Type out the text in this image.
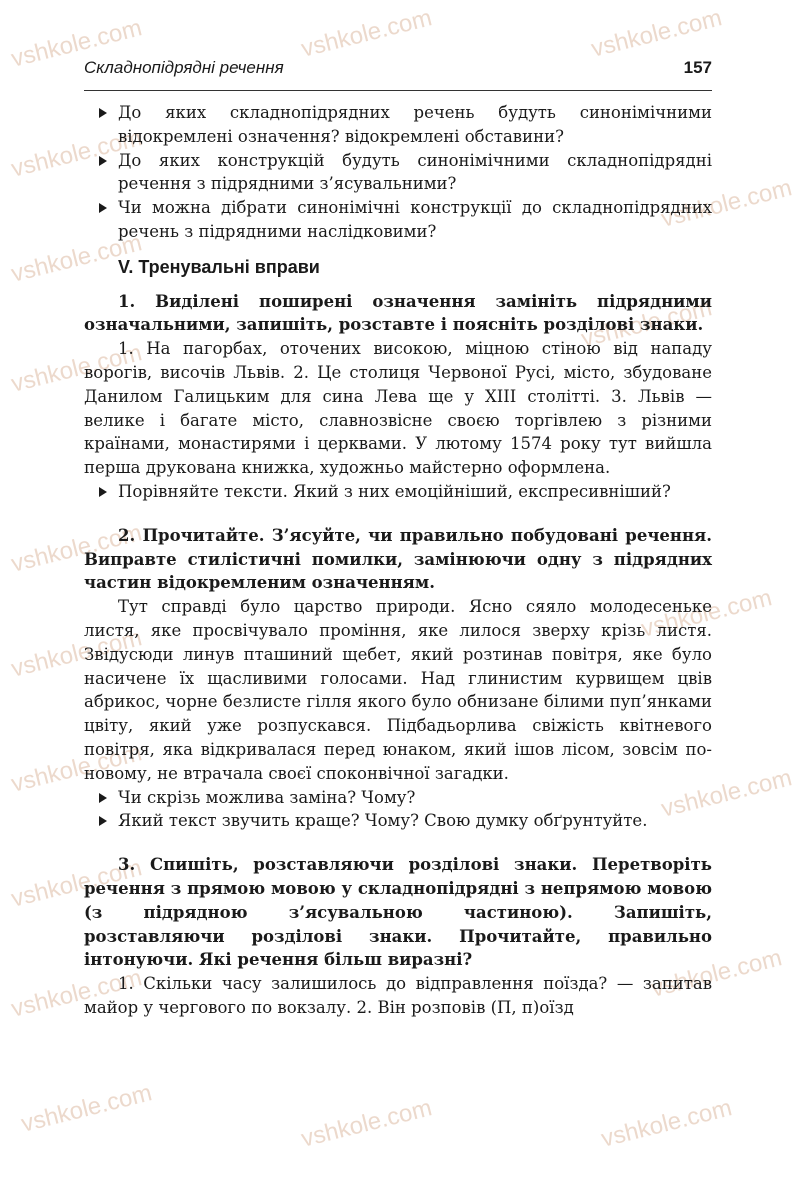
vshkole.com	vshkole.com	vshkole.com
vshkole.com
vshkole.com
vshkole.com
vshkole.com
vshkole.com
vshkole.com
vshkole.com
vshkole.com
vshkole.com	vshkole.com
vshkole.com
vshkole.com	vshkole.com
vshkole.com	vshkole.com	vshkole.com
Складнопідрядні речення	157

До яких складнопідрядних речень будуть синонімічними відокремлені означення? відокремлені обставини?

До яких конструкцій будуть синонімічними складнопідрядні речення з підрядними з’ясувальними?

Чи можна дібрати синонімічні конструкції до складнопідрядних речень з підрядними наслідковими?

V. Тренувальні вправи

1. Виділені поширені означення замініть підрядними означальними, запишіть, розставте і поясніть розділові знаки.

1. На пагорбах, оточених високою, міцною стіною від нападу ворогів, височів Львів. 2. Це столиця Червоної Русі, місто, збудоване Данилом Галицьким для сина Лева ще у XIII столітті. 3. Львів — велике і багате місто, славнозвісне своєю торгівлею з різними країнами, монастирями і церквами. У лютому 1574 року тут вийшла перша друкована книжка, художньо майстерно оформлена.

Порівняйте тексти. Який з них емоційніший, експресивніший?

2. Прочитайте. З’ясуйте, чи правильно побудовані речення. Виправте стилістичні помилки, замінюючи одну з підрядних частин відокремленим означенням.

Тут справді було царство природи. Ясно сяяло молодесеньке листя, яке просвічувало проміння, яке лилося зверху крізь листя. Звідусюди линув пташиний щебет, який розтинав повітря, яке було насичене їх щасливими голосами. Над глинистим курвищем цвів абрикос, чорне безлисте гілля якого було обнизане білими пуп’янками цвіту, який уже розпускався. Підбадьорлива свіжість квітневого повітря, яка відкривалася перед юнаком, який ішов лісом, зовсім по-новому, не втрачала своєї споконвічної загадки.

Чи скрізь можлива заміна? Чому?

Який текст звучить краще? Чому? Свою думку обґрунтуйте.

3. Спишіть, розставляючи розділові знаки. Перетворіть речення з прямою мовою у складнопідрядні з непрямою мовою (з підрядною з’ясувальною частиною). Запишіть, розставляючи розділові знаки. Прочитайте, правильно інтонуючи. Які речення більш виразні?

1. Скільки часу залишилось до відправлення поїзда? — запитав майор у чергового по вокзалу. 2. Він розповів (П, п)оїзд
